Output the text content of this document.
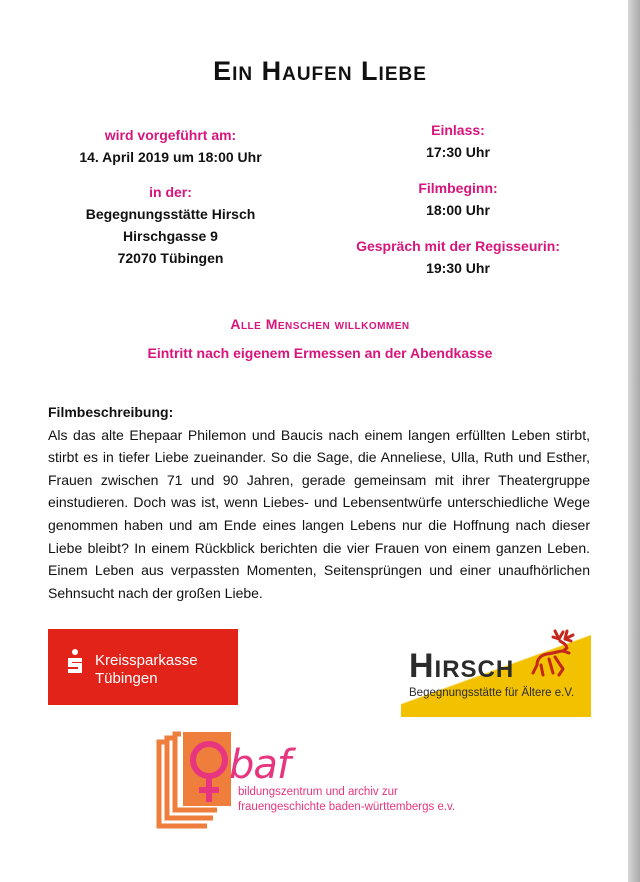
Ein Haufen Liebe
wird vorgeführt am:
14. April 2019 um 18:00 Uhr
in der:
Begegnungsstätte Hirsch
Hirschgasse 9
72070 Tübingen
Einlass:
17:30 Uhr
Filmbeginn:
18:00 Uhr
Gespräch mit der Regisseurin:
19:30 Uhr
Alle Menschen willkommen
Eintritt nach eigenem Ermessen an der Abendkasse
Filmbeschreibung:
Als das alte Ehepaar Philemon und Baucis nach einem langen erfüllten Leben stirbt, stirbt es in tiefer Liebe zueinander. So die Sage, die Anneliese, Ulla, Ruth und Esther, Frauen zwischen 71 und 90 Jahren, gerade gemeinsam mit ihrer Theatergruppe einstudieren. Doch was ist, wenn Liebes- und Lebensentwürfe unterschiedliche Wege genommen haben und am Ende eines langen Lebens nur die Hoffnung nach dieser Liebe bleibt? In einem Rückblick berichten die vier Frauen von einem ganzen Leben. Einem Leben aus verpassten Momenten, Seitensprüngen und einer unaufhörlichen Sehnsucht nach der großen Liebe.
Kreissparkasse
Tübingen	Hirsch
Begegnungsstätte für Ältere e.V.
baf
bildungszentrum und archiv zur
frauengeschichte baden-württembergs e.v.
